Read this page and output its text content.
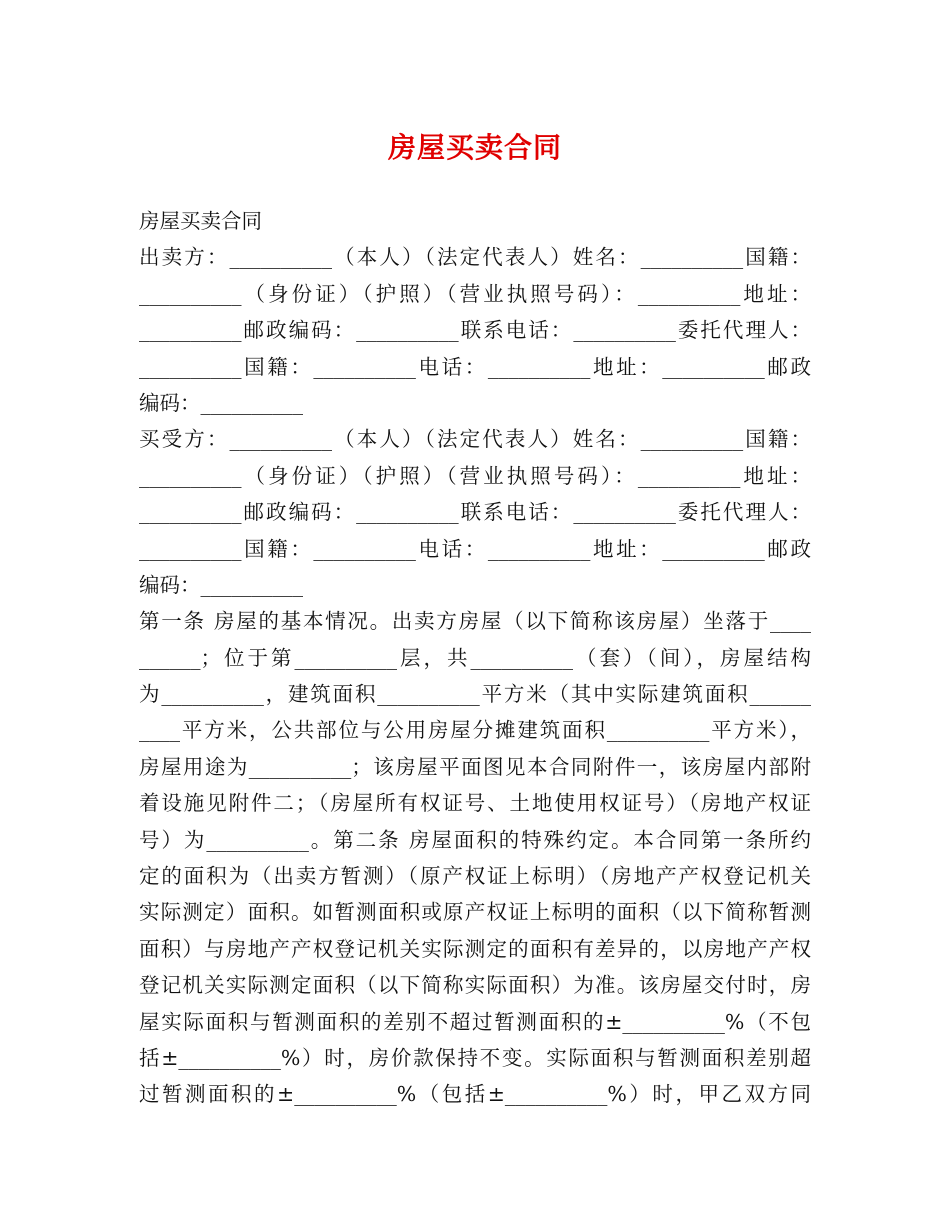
房屋买卖合同
房屋买卖合同
出卖方：__________（本人）（法定代表人）姓名：__________国籍：
__________（身份证）（护照）（营业执照号码）：__________地址：
__________邮政编码：__________联系电话：__________委托代理人：
__________国籍：__________电话：__________地址：__________邮政
编码：__________
买受方：__________（本人）（法定代表人）姓名：__________国籍：
__________（身份证）（护照）（营业执照号码）：__________地址：
__________邮政编码：__________联系电话：__________委托代理人：
__________国籍：__________电话：__________地址：__________邮政
编码：__________
第一条 房屋的基本情况。出卖方房屋（以下简称该房屋）坐落于____
______；位于第__________层，共__________（套）（间），房屋结构
为__________，建筑面积__________平方米（其中实际建筑面积______
____平方米，公共部位与公用房屋分摊建筑面积__________平方米），
房屋用途为__________；该房屋平面图见本合同附件一，该房屋内部附
着设施见附件二；（房屋所有权证号、土地使用权证号）（房地产权证
号）为__________。第二条 房屋面积的特殊约定。本合同第一条所约
定的面积为（出卖方暂测）（原产权证上标明）（房地产产权登记机关
实际测定）面积。如暂测面积或原产权证上标明的面积（以下简称暂测
面积）与房地产产权登记机关实际测定的面积有差异的，以房地产产权
登记机关实际测定面积（以下简称实际面积）为准。该房屋交付时，房
屋实际面积与暂测面积的差别不超过暂测面积的±__________%（不包
括±__________%）时，房价款保持不变。实际面积与暂测面积差别超
过暂测面积的±__________%（包括±__________%）时，甲乙双方同
